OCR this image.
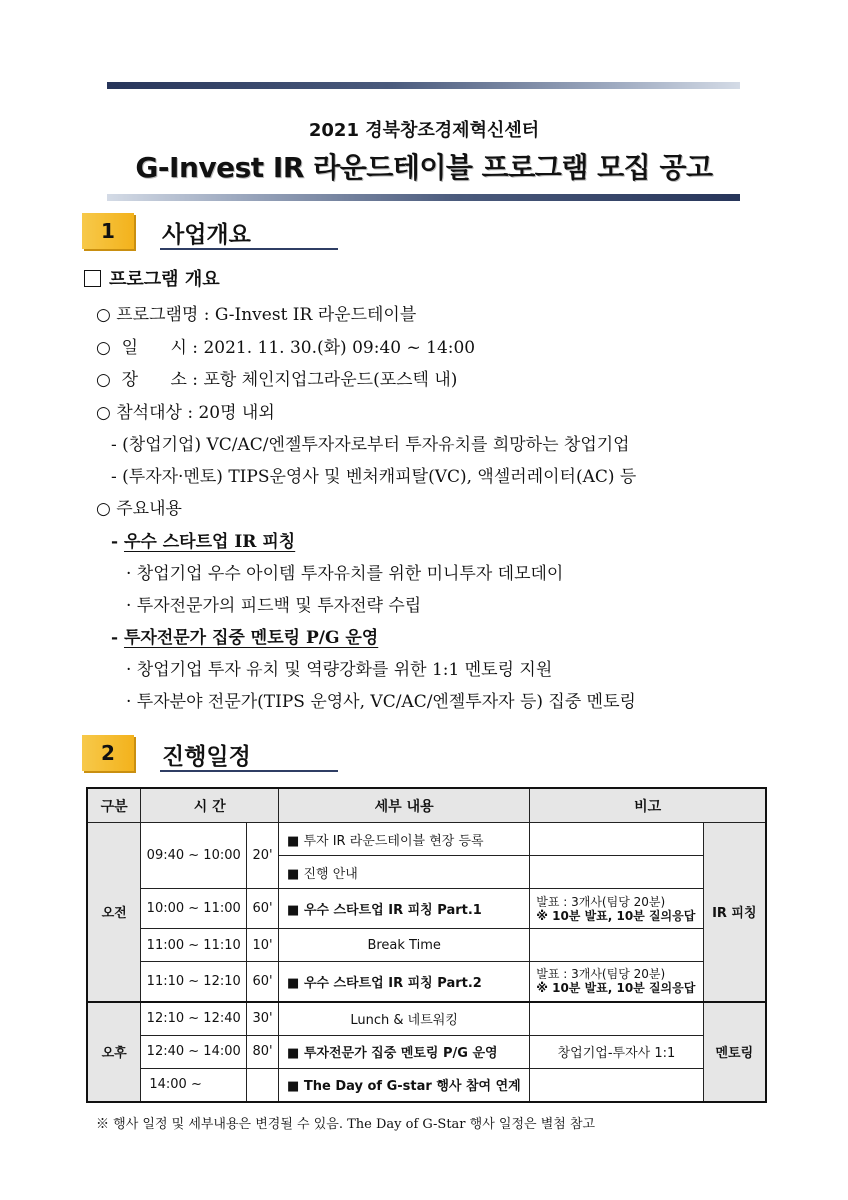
2021 경북창조경제혁신센터
G-Invest IR 라운드테이블 프로그램 모집 공고
1	사업개요
프로그램 개요
○ 프로그램명 : G-Invest IR 라운드테이블
○  일      시 : 2021. 11. 30.(화) 09:40 ~ 14:00
○  장      소 : 포항 체인지업그라운드(포스텍 내)
○ 참석대상 : 20명 내외
- (창업기업) VC/AC/엔젤투자자로부터 투자유치를 희망하는 창업기업
- (투자자·멘토) TIPS운영사 및 벤처캐피탈(VC), 액셀러레이터(AC) 등
○ 주요내용
- 우수 스타트업 IR 피칭
· 창업기업 우수 아이템 투자유치를 위한 미니투자 데모데이
· 투자전문가의 피드백 및 투자전략 수립
- 투자전문가 집중 멘토링 P/G 운영
· 창업기업 투자 유치 및 역량강화를 위한 1:1 멘토링 지원
· 투자분야 전문가(TIPS 운영사, VC/AC/엔젤투자자 등) 집중 멘토링
2	진행일정
구분	시 간		세부 내용	비고	
오전	09:40 ~ 10:00	20'	■ 투자 IR 라운드테이블 현장 등록		IR 피칭
			■ 진행 안내		
	10:00 ~ 11:00	60'	■ 우수 스타트업 IR 피칭 Part.1	발표 : 3개사(팀당 20분)
※ 10분 발표, 10분 질의응답	
	11:00 ~ 11:10	10'	Break Time		
	11:10 ~ 12:10	60'	■ 우수 스타트업 IR 피칭 Part.2	발표 : 3개사(팀당 20분)
※ 10분 발표, 10분 질의응답	
오후	12:10 ~ 12:40	30'	Lunch & 네트워킹		멘토링
	12:40 ~ 14:00	80'	■ 투자전문가 집중 멘토링 P/G 운영	창업기업-투자사 1:1	
	14:00 ~		■ The Day of G-star 행사 참여 연계		
※ 행사 일정 및 세부내용은 변경될 수 있음. The Day of G-Star 행사 일정은 별첨 참고
